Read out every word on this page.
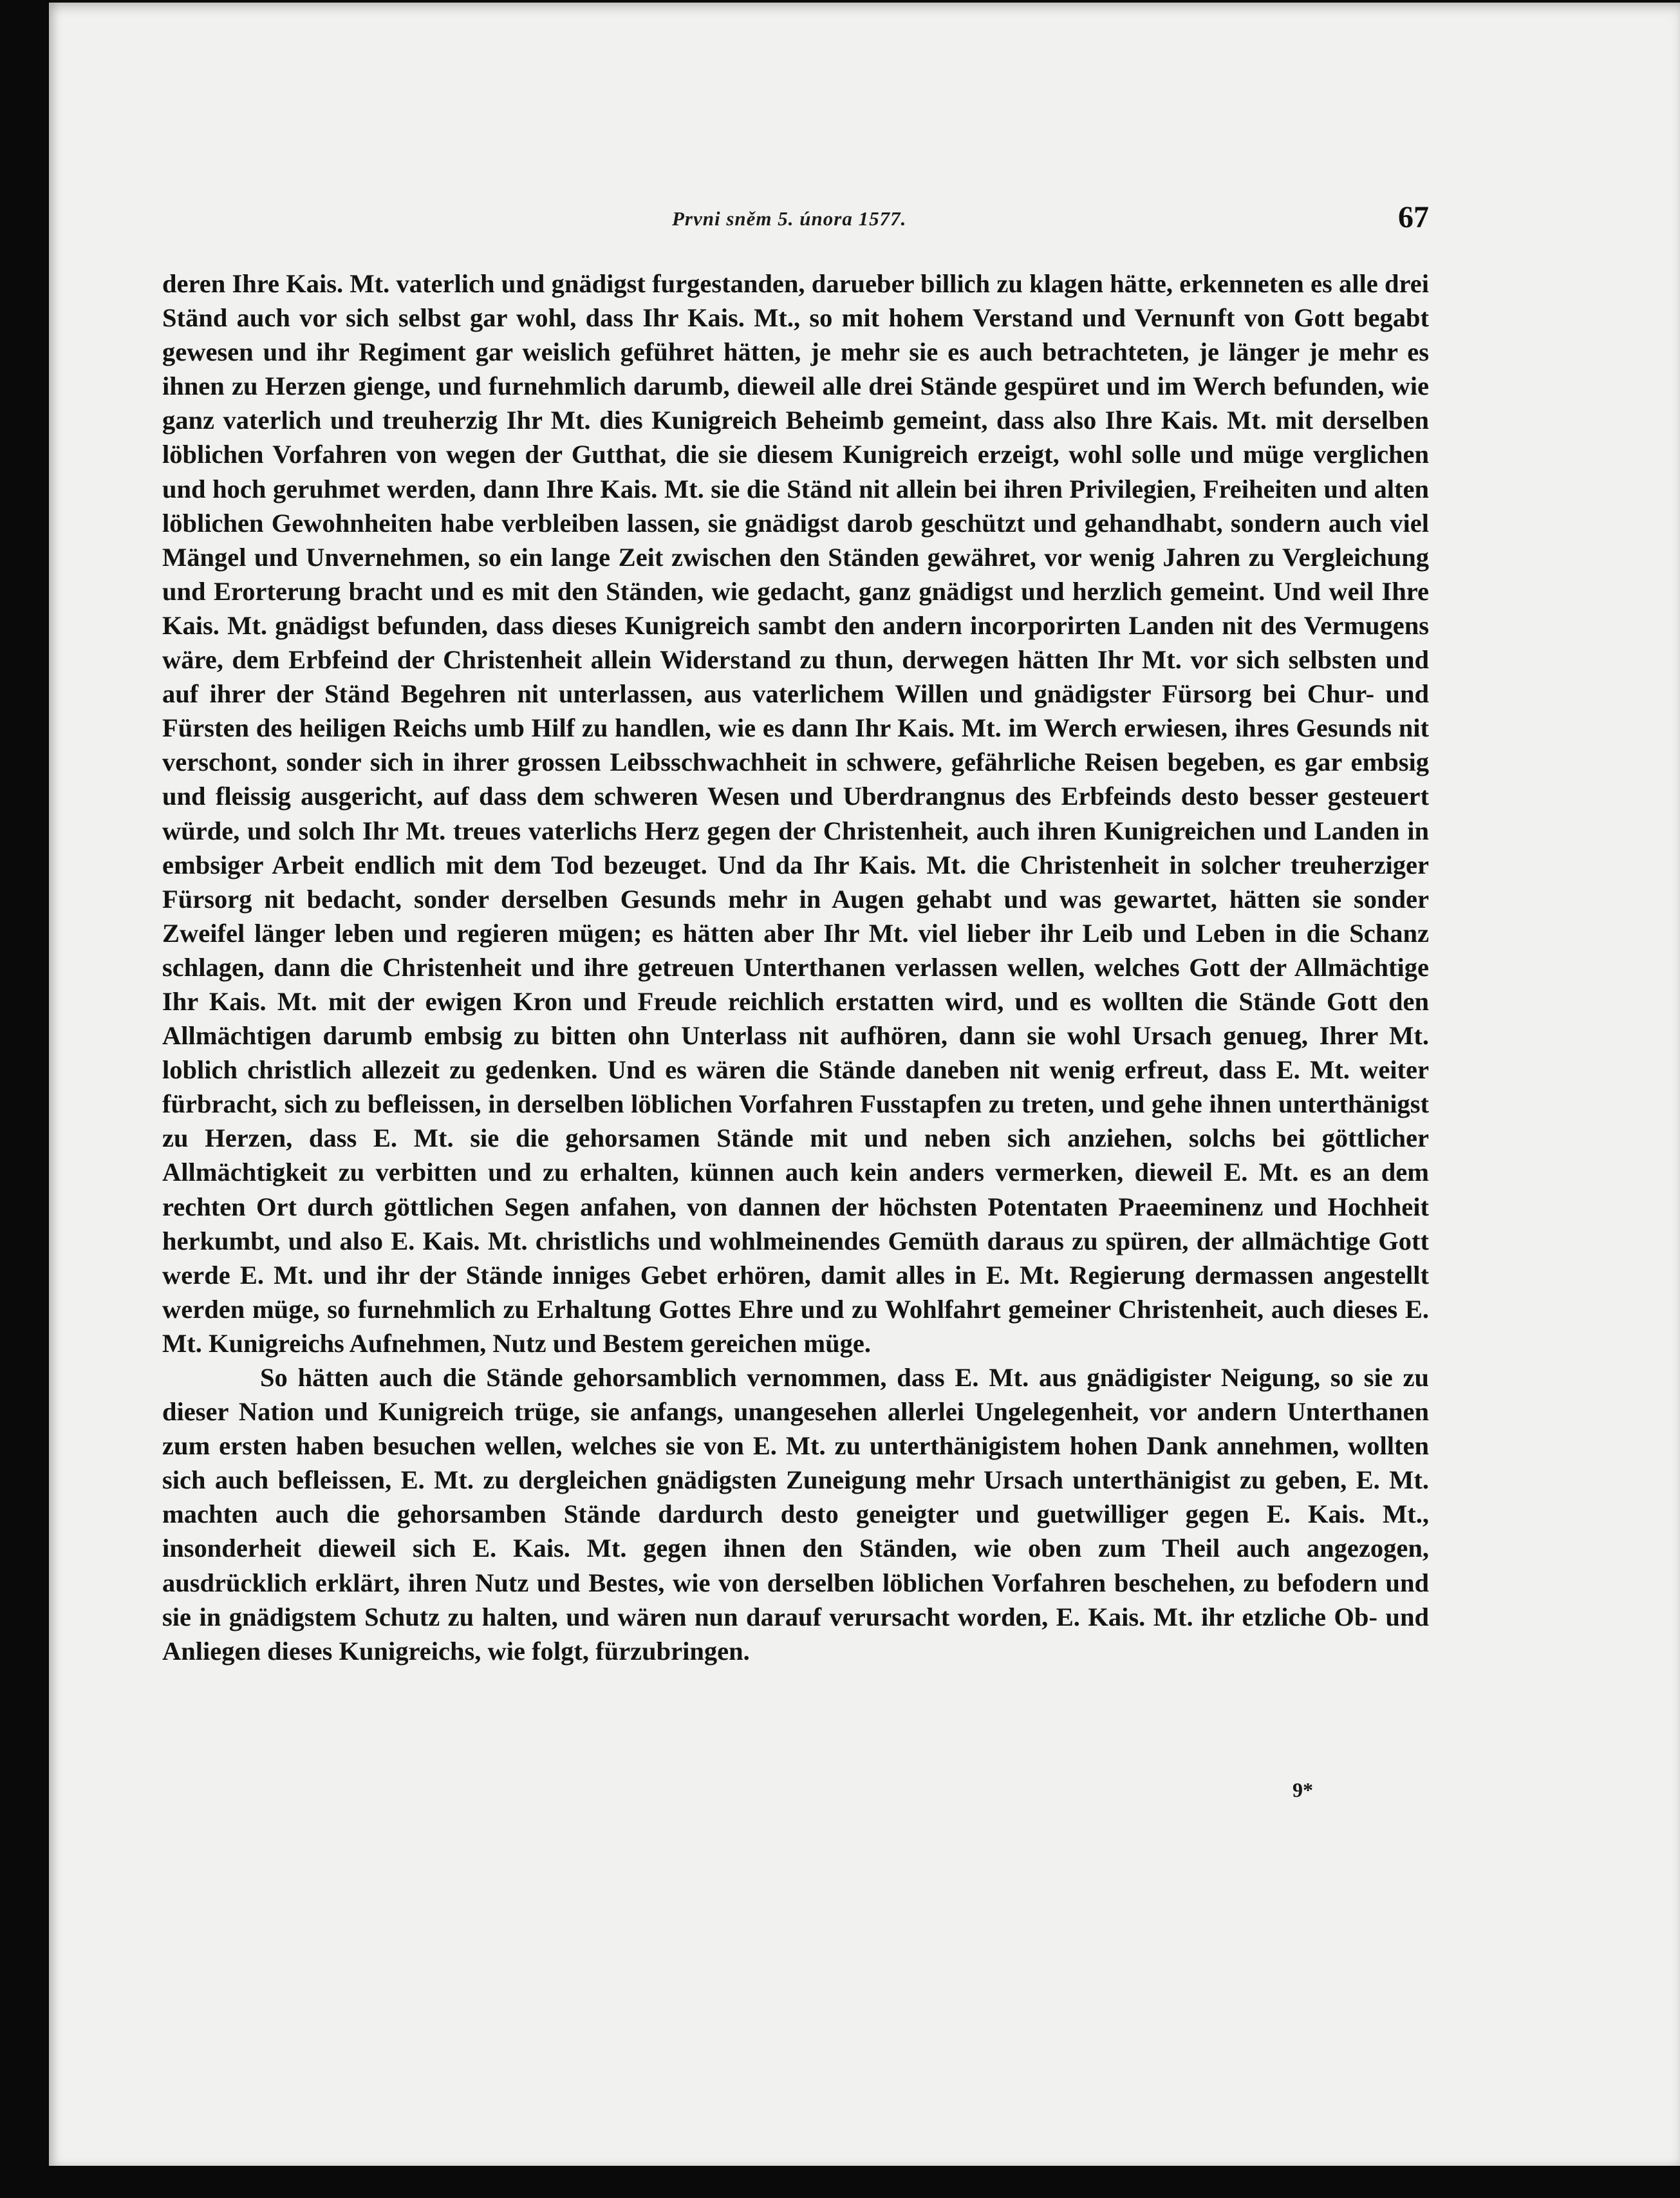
Prvni sněm 5. února 1577.	67

deren Ihre Kais. Mt. vaterlich und gnädigst furgestanden, darueber billich zu klagen hätte, erkenneten es alle drei Ständ auch vor sich selbst gar wohl, dass Ihr Kais. Mt., so mit hohem Verstand und Vernunft von Gott begabt gewesen und ihr Regiment gar weislich geführet hätten, je mehr sie es auch betrachteten, je länger je mehr es ihnen zu Herzen gienge, und furnehmlich darumb, dieweil alle drei Stände gespüret und im Werch befunden, wie ganz vaterlich und treuherzig Ihr Mt. dies Kunigreich Beheimb gemeint, dass also Ihre Kais. Mt. mit derselben löblichen Vorfahren von wegen der Gutthat, die sie diesem Kunigreich erzeigt, wohl solle und müge verglichen und hoch geruhmet werden, dann Ihre Kais. Mt. sie die Ständ nit allein bei ihren Privilegien, Freiheiten und alten löblichen Gewohnheiten habe verbleiben lassen, sie gnädigst darob geschützt und gehandhabt, sondern auch viel Mängel und Unvernehmen, so ein lange Zeit zwischen den Ständen gewähret, vor wenig Jahren zu Vergleichung und Erorterung bracht und es mit den Ständen, wie gedacht, ganz gnädigst und herzlich gemeint. Und weil Ihre Kais. Mt. gnädigst befunden, dass dieses Kunigreich sambt den andern incorporirten Landen nit des Vermugens wäre, dem Erbfeind der Christenheit allein Widerstand zu thun, derwegen hätten Ihr Mt. vor sich selbsten und auf ihrer der Ständ Begehren nit unterlassen, aus vaterlichem Willen und gnädigster Fürsorg bei Chur- und Fürsten des heiligen Reichs umb Hilf zu handlen, wie es dann Ihr Kais. Mt. im Werch erwiesen, ihres Gesunds nit verschont, sonder sich in ihrer grossen Leibsschwachheit in schwere, gefährliche Reisen begeben, es gar embsig und fleissig ausgericht, auf dass dem schweren Wesen und Uberdrangnus des Erbfeinds desto besser gesteuert würde, und solch Ihr Mt. treues vaterlichs Herz gegen der Christenheit, auch ihren Kunigreichen und Landen in embsiger Arbeit endlich mit dem Tod bezeuget. Und da Ihr Kais. Mt. die Christenheit in solcher treuherziger Fürsorg nit bedacht, sonder derselben Gesunds mehr in Augen gehabt und was gewartet, hätten sie sonder Zweifel länger leben und regieren mügen; es hätten aber Ihr Mt. viel lieber ihr Leib und Leben in die Schanz schlagen, dann die Christenheit und ihre getreuen Unterthanen verlassen wellen, welches Gott der Allmächtige Ihr Kais. Mt. mit der ewigen Kron und Freude reichlich erstatten wird, und es wollten die Stände Gott den Allmächtigen darumb embsig zu bitten ohn Unterlass nit aufhören, dann sie wohl Ursach genueg, Ihrer Mt. loblich christlich allezeit zu gedenken. Und es wären die Stände daneben nit wenig erfreut, dass E. Mt. weiter fürbracht, sich zu befleissen, in derselben löblichen Vorfahren Fusstapfen zu treten, und gehe ihnen unterthänigst zu Herzen, dass E. Mt. sie die gehorsamen Stände mit und neben sich anziehen, solchs bei göttlicher Allmächtigkeit zu verbitten und zu erhalten, künnen auch kein anders vermerken, dieweil E. Mt. es an dem rechten Ort durch göttlichen Segen anfahen, von dannen der höchsten Potentaten Praeeminenz und Hochheit herkumbt, und also E. Kais. Mt. christlichs und wohlmeinendes Gemüth daraus zu spüren, der allmächtige Gott werde E. Mt. und ihr der Stände inniges Gebet erhören, damit alles in E. Mt. Regierung dermassen angestellt werden müge, so furnehmlich zu Erhaltung Gottes Ehre und zu Wohlfahrt gemeiner Christenheit, auch dieses E. Mt. Kunigreichs Aufnehmen, Nutz und Bestem gereichen müge.

So hätten auch die Stände gehorsamblich vernommen, dass E. Mt. aus gnädigister Neigung, so sie zu dieser Nation und Kunigreich trüge, sie anfangs, unangesehen allerlei Ungelegenheit, vor andern Unterthanen zum ersten haben besuchen wellen, welches sie von E. Mt. zu unterthänigistem hohen Dank annehmen, wollten sich auch befleissen, E. Mt. zu dergleichen gnädigsten Zuneigung mehr Ursach unterthänigist zu geben, E. Mt. machten auch die gehorsamben Stände dardurch desto geneigter und guetwilliger gegen E. Kais. Mt., insonderheit dieweil sich E. Kais. Mt. gegen ihnen den Ständen, wie oben zum Theil auch angezogen, ausdrücklich erklärt, ihren Nutz und Bestes, wie von derselben löblichen Vorfahren beschehen, zu befodern und sie in gnädigstem Schutz zu halten, und wären nun darauf verursacht worden, E. Kais. Mt. ihr etzliche Ob- und Anliegen dieses Kunigreichs, wie folgt, fürzubringen.

9*
